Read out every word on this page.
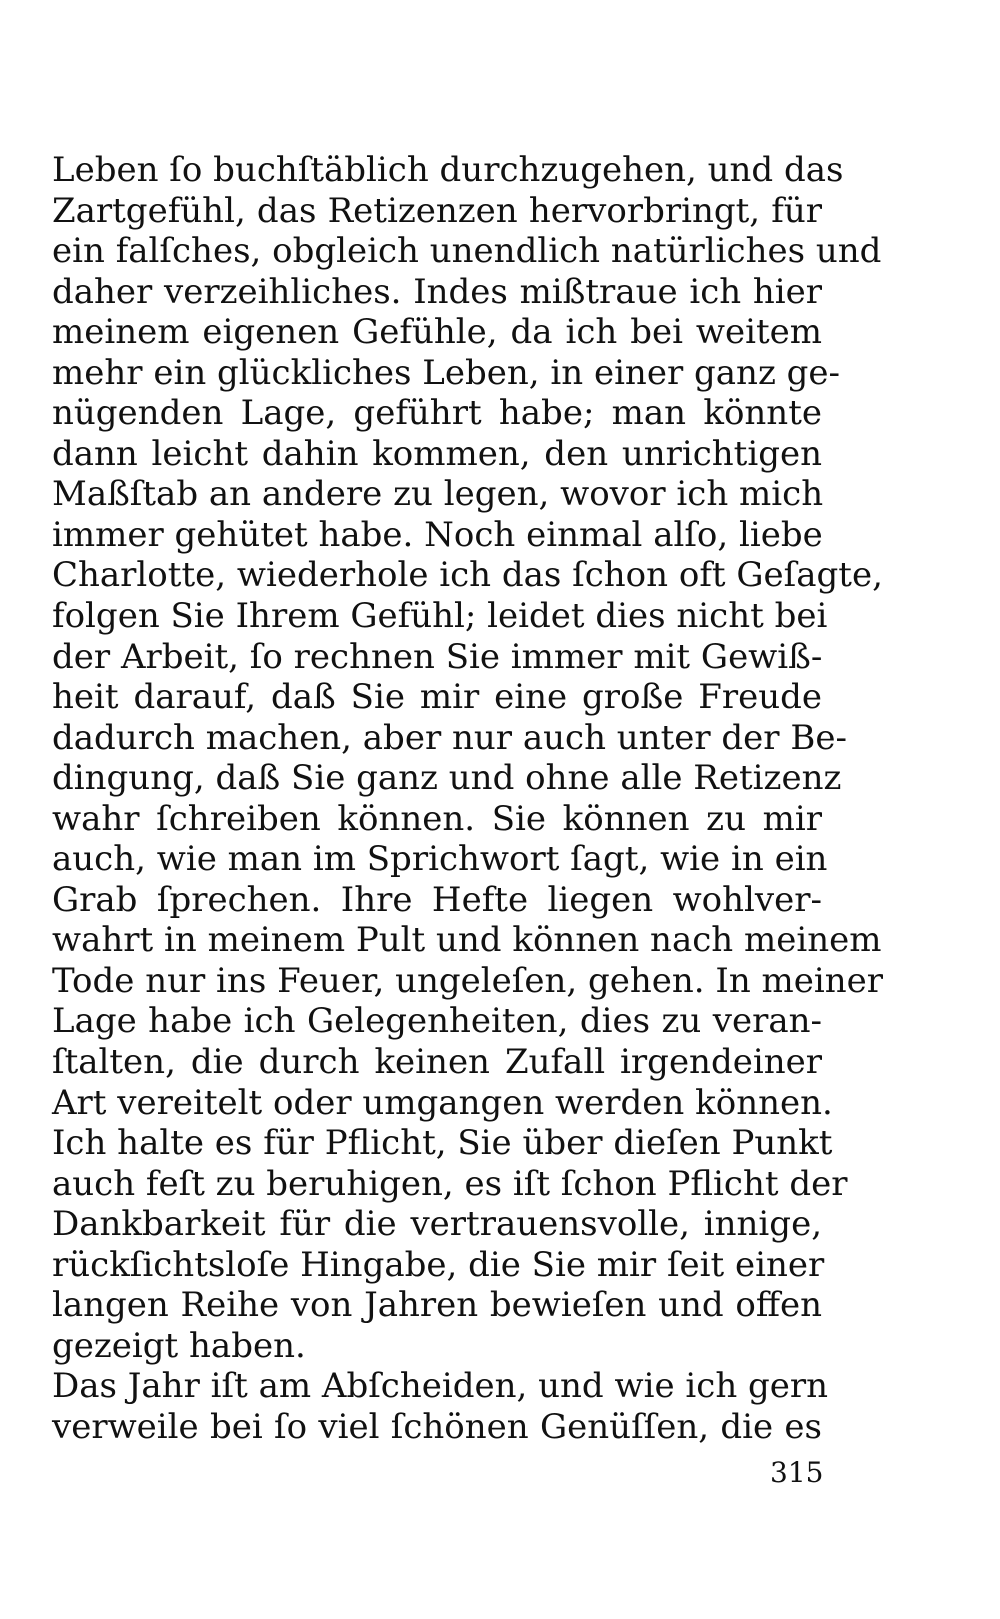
Leben ſo buchſtäblich durchzugehen, und das
Zartgefühl, das Retizenzen hervorbringt, für
ein falſches, obgleich unendlich natürliches und
daher verzeihliches. Indes mißtraue ich hier
meinem eigenen Gefühle, da ich bei weitem
mehr ein glückliches Leben, in einer ganz ge-
nügenden Lage, geführt habe; man könnte
dann leicht dahin kommen, den unrichtigen
Maßſtab an andere zu legen, wovor ich mich
immer gehütet habe. Noch einmal alſo, liebe
Charlotte, wiederhole ich das ſchon oft Geſagte,
folgen Sie Ihrem Gefühl; leidet dies nicht bei
der Arbeit, ſo rechnen Sie immer mit Gewiß-
heit darauf, daß Sie mir eine große Freude
dadurch machen, aber nur auch unter der Be-
dingung, daß Sie ganz und ohne alle Retizenz
wahr ſchreiben können. Sie können zu mir
auch, wie man im Sprichwort ſagt, wie in ein
Grab ſprechen. Ihre Hefte liegen wohlver-
wahrt in meinem Pult und können nach meinem
Tode nur ins Feuer, ungeleſen, gehen. In meiner
Lage habe ich Gelegenheiten, dies zu veran-
ſtalten, die durch keinen Zufall irgendeiner
Art vereitelt oder umgangen werden können.
Ich halte es für Pflicht, Sie über dieſen Punkt
auch feſt zu beruhigen, es iſt ſchon Pflicht der
Dankbarkeit für die vertrauensvolle, innige,
rückſichtsloſe Hingabe, die Sie mir ſeit einer
langen Reihe von Jahren bewieſen und offen
gezeigt haben.
Das Jahr iſt am Abſcheiden, und wie ich gern
verweile bei ſo viel ſchönen Genüſſen, die es
315
